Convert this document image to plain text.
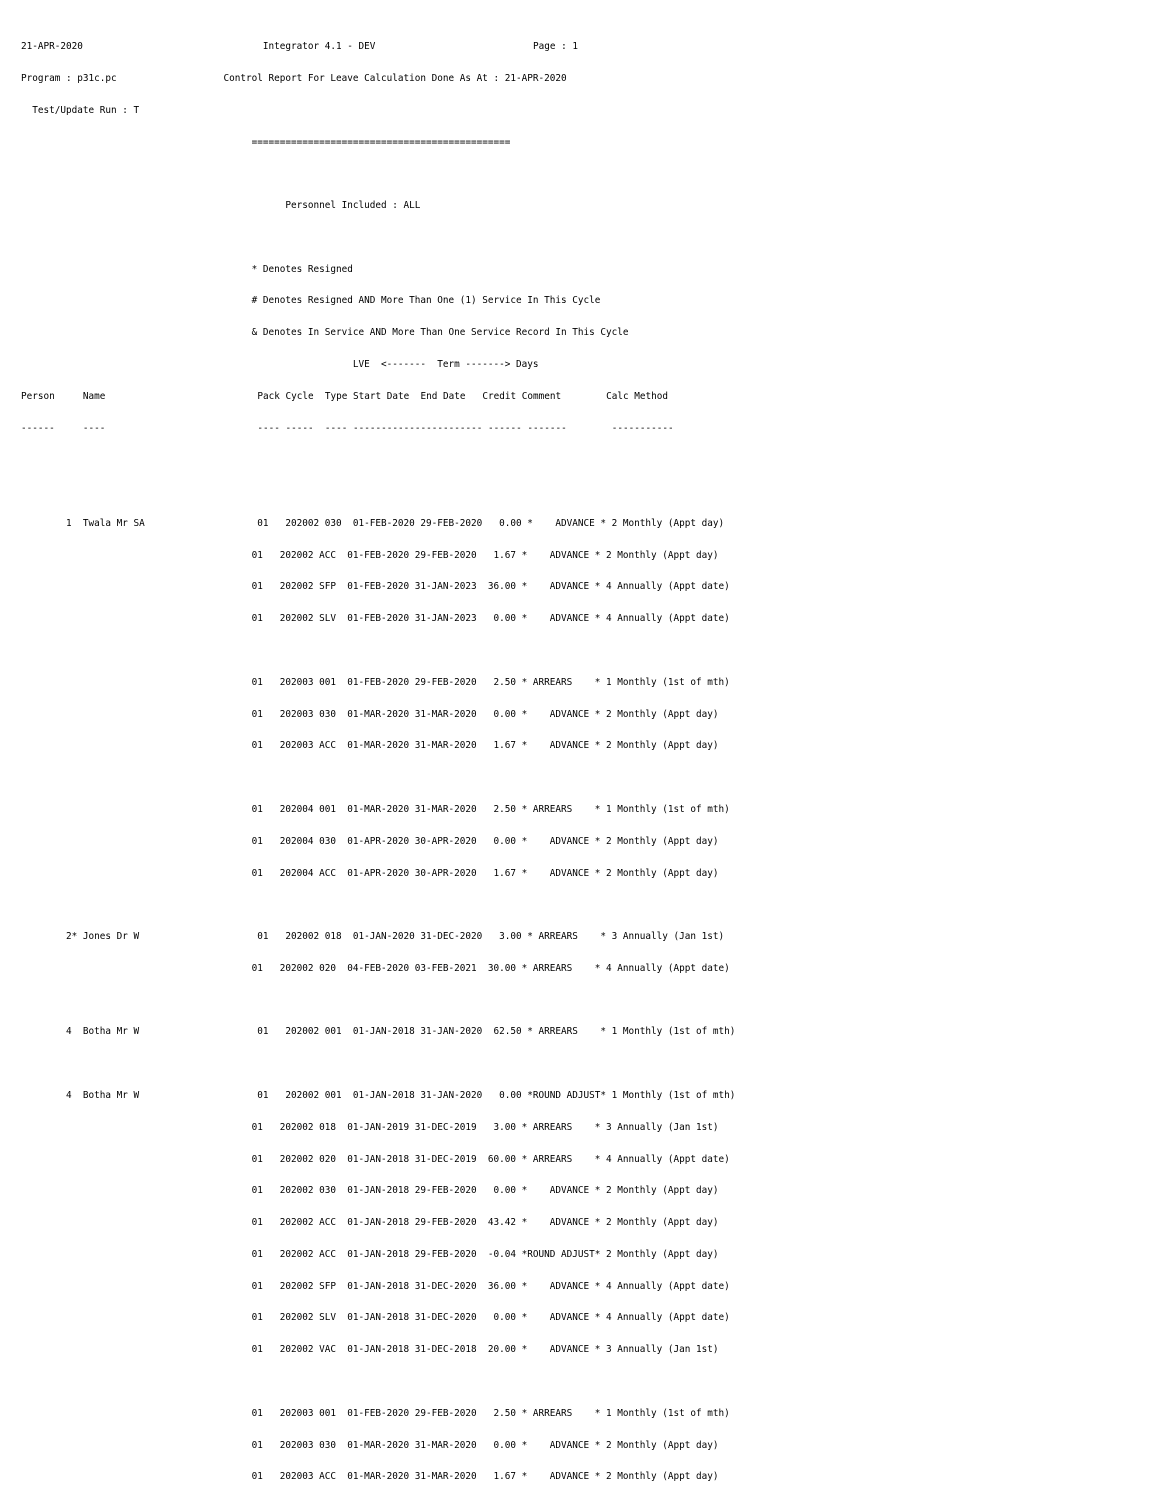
21-APR-2020	Integrator 4.1 - DEV	Page : 1

Program : p31c.pc	Control Report For Leave Calculation Done As At : 21-APR-2020

Test/Update Run : T

==============================================

Personnel Included : ALL

* Denotes Resigned

# Denotes Resigned AND More Than One (1) Service In This Cycle

& Denotes In Service AND More Than One Service Record In This Cycle

LVE  <-------  Term -------> Days

Person	Name	Pack Cycle  Type Start Date  End Date   Credit Comment        Calc Method

------	----	---- -----  ---- ----------------------- ------ -------        -----------

1  Twala Mr SA                    01   202002 030  01-FEB-2020 29-FEB-2020   0.00 *    ADVANCE * 2 Monthly (Appt day)

01   202002 ACC  01-FEB-2020 29-FEB-2020   1.67 *    ADVANCE * 2 Monthly (Appt day)

01   202002 SFP  01-FEB-2020 31-JAN-2023  36.00 *    ADVANCE * 4 Annually (Appt date)

01   202002 SLV  01-FEB-2020 31-JAN-2023   0.00 *    ADVANCE * 4 Annually (Appt date)

01   202003 001  01-FEB-2020 29-FEB-2020   2.50 * ARREARS    * 1 Monthly (1st of mth)

01   202003 030  01-MAR-2020 31-MAR-2020   0.00 *    ADVANCE * 2 Monthly (Appt day)

01   202003 ACC  01-MAR-2020 31-MAR-2020   1.67 *    ADVANCE * 2 Monthly (Appt day)

01   202004 001  01-MAR-2020 31-MAR-2020   2.50 * ARREARS    * 1 Monthly (1st of mth)

01   202004 030  01-APR-2020 30-APR-2020   0.00 *    ADVANCE * 2 Monthly (Appt day)

01   202004 ACC  01-APR-2020 30-APR-2020   1.67 *    ADVANCE * 2 Monthly (Appt day)

2* Jones Dr W                     01   202002 018  01-JAN-2020 31-DEC-2020   3.00 * ARREARS    * 3 Annually (Jan 1st)

01   202002 020  04-FEB-2020 03-FEB-2021  30.00 * ARREARS    * 4 Annually (Appt date)

4  Botha Mr W                     01   202002 001  01-JAN-2018 31-JAN-2020  62.50 * ARREARS    * 1 Monthly (1st of mth)

4  Botha Mr W                     01   202002 001  01-JAN-2018 31-JAN-2020   0.00 *ROUND ADJUST* 1 Monthly (1st of mth)

01   202002 018  01-JAN-2019 31-DEC-2019   3.00 * ARREARS    * 3 Annually (Jan 1st)

01   202002 020  01-JAN-2018 31-DEC-2019  60.00 * ARREARS    * 4 Annually (Appt date)

01   202002 030  01-JAN-2018 29-FEB-2020   0.00 *    ADVANCE * 2 Monthly (Appt day)

01   202002 ACC  01-JAN-2018 29-FEB-2020  43.42 *    ADVANCE * 2 Monthly (Appt day)

01   202002 ACC  01-JAN-2018 29-FEB-2020  -0.04 *ROUND ADJUST* 2 Monthly (Appt day)

01   202002 SFP  01-JAN-2018 31-DEC-2020  36.00 *    ADVANCE * 4 Annually (Appt date)

01   202002 SLV  01-JAN-2018 31-DEC-2020   0.00 *    ADVANCE * 4 Annually (Appt date)

01   202002 VAC  01-JAN-2018 31-DEC-2018  20.00 *    ADVANCE * 3 Annually (Jan 1st)

01   202003 001  01-FEB-2020 29-FEB-2020   2.50 * ARREARS    * 1 Monthly (1st of mth)

01   202003 030  01-MAR-2020 31-MAR-2020   0.00 *    ADVANCE * 2 Monthly (Appt day)

01   202003 ACC  01-MAR-2020 31-MAR-2020   1.67 *    ADVANCE * 2 Monthly (Appt day)
